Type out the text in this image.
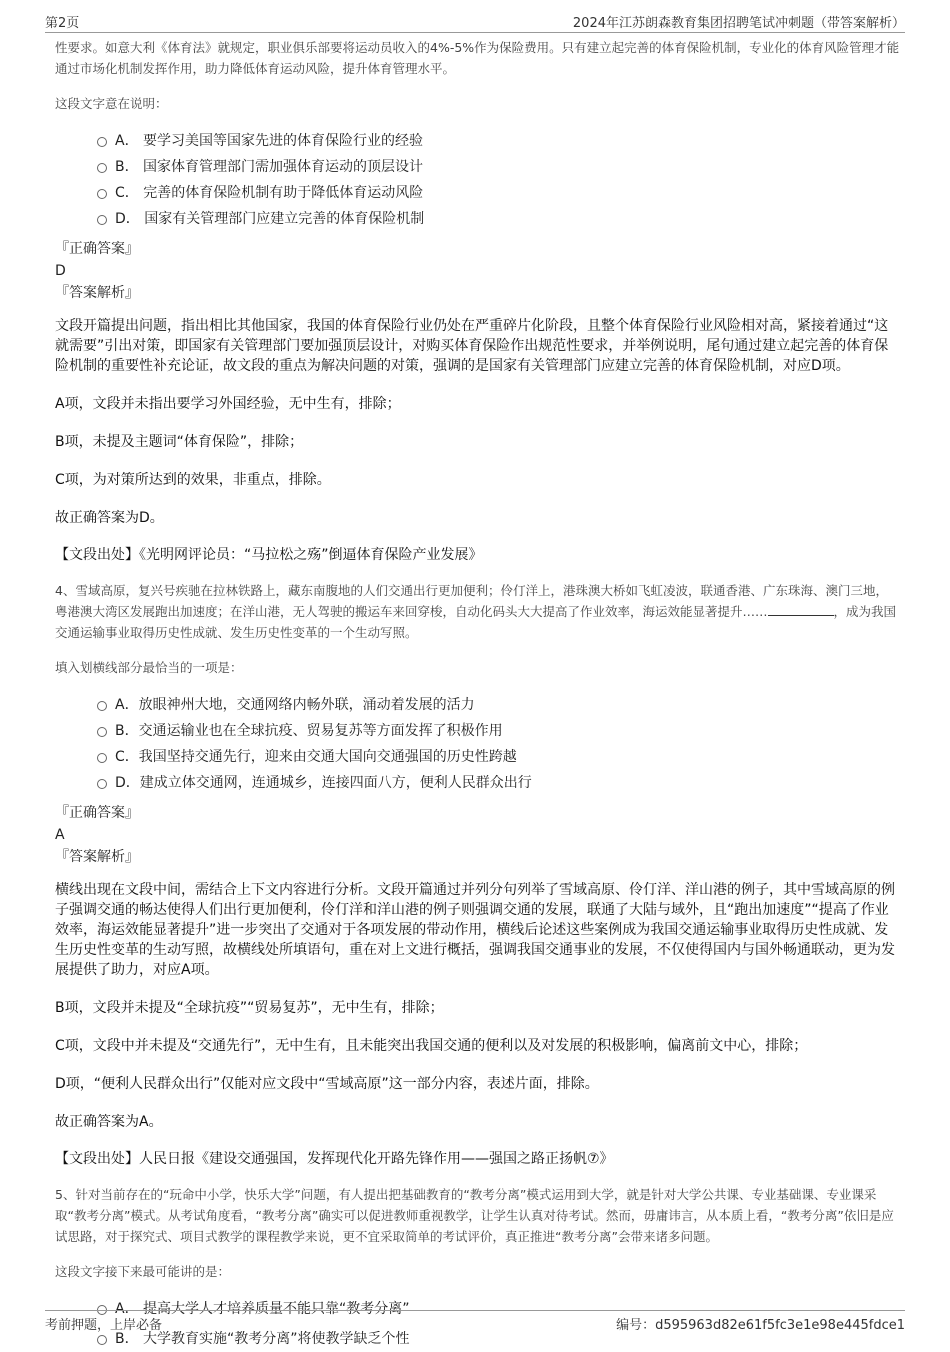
第2页	2024年江苏朗森教育集团招聘笔试冲刺题（带答案解析）
性要求。如意大利《体育法》就规定，职业俱乐部要将运动员收入的4%-5%作为保险费用。只有建立起完善的体育保险机制，专业化的体育风险管理才能通过市场化机制发挥作用，助力降低体育运动风险，提升体育管理水平。
这段文字意在说明：
A． 要学习美国等国家先进的体育保险行业的经验
B． 国家体育管理部门需加强体育运动的顶层设计
C． 完善的体育保险机制有助于降低体育运动风险
D． 国家有关管理部门应建立完善的体育保险机制
『正确答案』
D
『答案解析』
文段开篇提出问题，指出相比其他国家，我国的体育保险行业仍处在严重碎片化阶段，且整个体育保险行业风险相对高，紧接着通过“这就需要”引出对策，即国家有关管理部门要加强顶层设计，对购买体育保险作出规范性要求，并举例说明，尾句通过建立起完善的体育保险机制的重要性补充论证，故文段的重点为解决问题的对策，强调的是国家有关管理部门应建立完善的体育保险机制，对应D项。
A项，文段并未指出要学习外国经验，无中生有，排除；
B项，未提及主题词“体育保险”，排除；
C项，为对策所达到的效果，非重点，排除。
故正确答案为D。
【文段出处】《光明网评论员：“马拉松之殇”倒逼体育保险产业发展》
4、雪域高原，复兴号疾驰在拉林铁路上，藏东南腹地的人们交通出行更加便利；伶仃洋上，港珠澳大桥如飞虹凌波，联通香港、广东珠海、澳门三地，粤港澳大湾区发展跑出加速度；在洋山港，无人驾驶的搬运车来回穿梭，自动化码头大大提高了作业效率，海运效能显著提升……	，成为我国交通运输事业取得历史性成就、发生历史性变革的一个生动写照。
填入划横线部分最恰当的一项是：
A．放眼神州大地，交通网络内畅外联，涌动着发展的活力
B．交通运输业也在全球抗疫、贸易复苏等方面发挥了积极作用
C．我国坚持交通先行，迎来由交通大国向交通强国的历史性跨越
D．建成立体交通网，连通城乡，连接四面八方，便利人民群众出行
『正确答案』
A
『答案解析』
横线出现在文段中间，需结合上下文内容进行分析。文段开篇通过并列分句列举了雪域高原、伶仃洋、洋山港的例子，其中雪域高原的例子强调交通的畅达使得人们出行更加便利，伶仃洋和洋山港的例子则强调交通的发展，联通了大陆与域外，且“跑出加速度”“提高了作业效率，海运效能显著提升”进一步突出了交通对于各项发展的带动作用，横线后论述这些案例成为我国交通运输事业取得历史性成就、发生历史性变革的生动写照，故横线处所填语句，重在对上文进行概括，强调我国交通事业的发展，不仅使得国内与国外畅通联动，更为发展提供了助力，对应A项。
B项，文段并未提及“全球抗疫”“贸易复苏”，无中生有，排除；
C项，文段中并未提及“交通先行”，无中生有，且未能突出我国交通的便利以及对发展的积极影响，偏离前文中心，排除；
D项，“便利人民群众出行”仅能对应文段中“雪域高原”这一部分内容，表述片面，排除。
故正确答案为A。
【文段出处】人民日报《建设交通强国，发挥现代化开路先锋作用——强国之路正扬帆⑦》
5、针对当前存在的“玩命中小学，快乐大学”问题，有人提出把基础教育的“教考分离”模式运用到大学，就是针对大学公共课、专业基础课、专业课采取“教考分离”模式。从考试角度看，“教考分离”确实可以促进教师重视教学，让学生认真对待考试。然而，毋庸讳言，从本质上看，“教考分离”依旧是应试思路，对于探究式、项目式教学的课程教学来说，更不宜采取简单的考试评价，真正推进“教考分离”会带来诸多问题。
这段文字接下来最可能讲的是：
A． 提高大学人才培养质量不能只靠“教考分离”
B． 大学教育实施“教考分离”将使教学缺乏个性
考前押题，上岸必备	编号：d595963d82e61f5fc3e1e98e445fdce1
